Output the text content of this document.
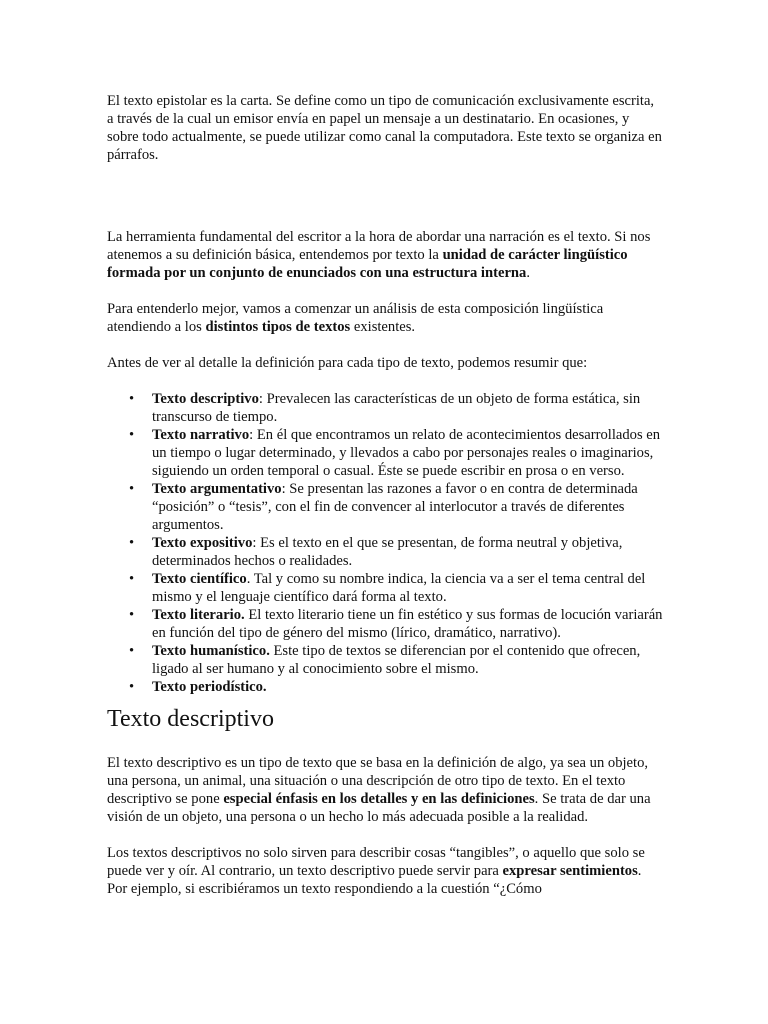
El texto epistolar es la carta. Se define como un tipo de comunicación exclusivamente escrita, a través de la cual un emisor envía en papel un mensaje a un destinatario. En ocasiones, y sobre todo actualmente, se puede utilizar como canal la computadora. Este texto se organiza en párrafos.

La herramienta fundamental del escritor a la hora de abordar una narración es el texto. Si nos atenemos a su definición básica, entendemos por texto la unidad de carácter lingüístico formada por un conjunto de enunciados con una estructura interna.

Para entenderlo mejor, vamos a comenzar un análisis de esta composición lingüística atendiendo a los distintos tipos de textos existentes.

Antes de ver al detalle la definición para cada tipo de texto, podemos resumir que:

• Texto descriptivo: Prevalecen las características de un objeto de forma estática, sin transcurso de tiempo.
• Texto narrativo: En él que encontramos un relato de acontecimientos desarrollados en un tiempo o lugar determinado, y llevados a cabo por personajes reales o imaginarios, siguiendo un orden temporal o casual. Éste se puede escribir en prosa o en verso.
• Texto argumentativo: Se presentan las razones a favor o en contra de determinada “posición” o “tesis”, con el fin de convencer al interlocutor a través de diferentes argumentos.
• Texto expositivo: Es el texto en el que se presentan, de forma neutral y objetiva, determinados hechos o realidades.
• Texto científico. Tal y como su nombre indica, la ciencia va a ser el tema central del mismo y el lenguaje científico dará forma al texto.
• Texto literario. El texto literario tiene un fin estético y sus formas de locución variarán en función del tipo de género del mismo (lírico, dramático, narrativo).
• Texto humanístico. Este tipo de textos se diferencian por el contenido que ofrecen, ligado al ser humano y al conocimiento sobre el mismo.
• Texto periodístico.
Texto descriptivo

El texto descriptivo es un tipo de texto que se basa en la definición de algo, ya sea un objeto, una persona, un animal, una situación o una descripción de otro tipo de texto. En el texto descriptivo se pone especial énfasis en los detalles y en las definiciones. Se trata de dar una visión de un objeto, una persona o un hecho lo más adecuada posible a la realidad.

Los textos descriptivos no solo sirven para describir cosas “tangibles”, o aquello que solo se puede ver y oír. Al contrario, un texto descriptivo puede servir para expresar sentimientos. Por ejemplo, si escribiéramos un texto respondiendo a la cuestión “¿Cómo
